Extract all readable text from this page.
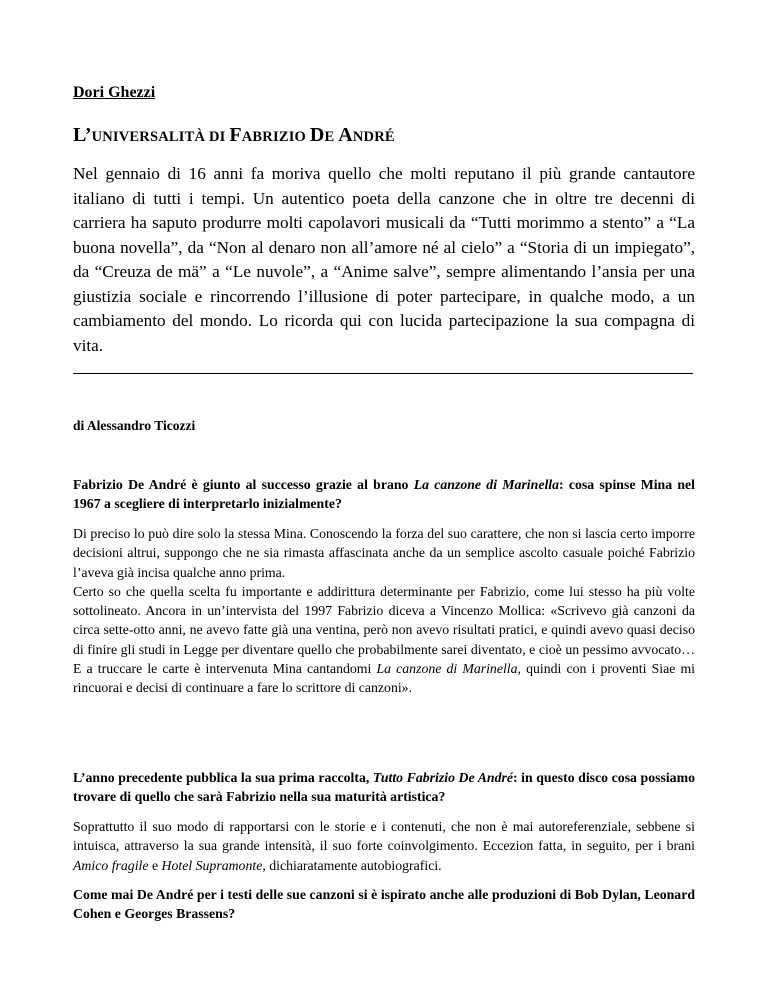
Dori Ghezzi
L’UNIVERSALITÀ DI FABRIZIO DE ANDRÉ

Nel gennaio di 16 anni fa moriva quello che molti reputano il più grande cantautore italiano di tutti i tempi. Un autentico poeta della canzone che in oltre tre decenni di carriera ha saputo produrre molti capolavori musicali da “Tutti morimmo a stento” a “La buona novella”, da “Non al denaro non all’amore né al cielo” a “Storia di un impiegato”, da “Creuza de mä” a “Le nuvole”, a “Anime salve”, sempre alimentando l’ansia per una giustizia sociale e rincorrendo l’illusione di poter partecipare, in qualche modo, a un cambiamento del mondo. Lo ricorda qui con lucida partecipazione la sua compagna di vita.

di Alessandro Ticozzi

Fabrizio De André è giunto al successo grazie al brano La canzone di Marinella: cosa spinse Mina nel 1967 a scegliere di interpretarlo inizialmente?

Di preciso lo può dire solo la stessa Mina. Conoscendo la forza del suo carattere, che non si lascia certo imporre decisioni altrui, suppongo che ne sia rimasta affascinata anche da un semplice ascolto casuale poiché Fabrizio l’aveva già incisa qualche anno prima.

Certo so che quella scelta fu importante e addirittura determinante per Fabrizio, come lui stesso ha più volte sottolineato. Ancora in un’intervista del 1997 Fabrizio diceva a Vincenzo Mollica: «Scrivevo già canzoni da circa sette-otto anni, ne avevo fatte già una ventina, però non avevo risultati pratici, e quindi avevo quasi deciso di finire gli studi in Legge per diventare quello che probabilmente sarei diventato, e cioè un pessimo avvocato… E a truccare le carte è intervenuta Mina cantandomi La canzone di Marinella, quindi con i proventi Siae mi rincuorai e decisi di continuare a fare lo scrittore di canzoni».

L’anno precedente pubblica la sua prima raccolta, Tutto Fabrizio De André: in questo disco cosa possiamo trovare di quello che sarà Fabrizio nella sua maturità artistica?

Soprattutto il suo modo di rapportarsi con le storie e i contenuti, che non è mai autoreferenziale, sebbene si intuisca, attraverso la sua grande intensità, il suo forte coinvolgimento. Eccezion fatta, in seguito, per i brani Amico fragile e Hotel Supramonte, dichiaratamente autobiografici.

Come mai De André per i testi delle sue canzoni si è ispirato anche alle produzioni di Bob Dylan, Leonard Cohen e Georges Brassens?
